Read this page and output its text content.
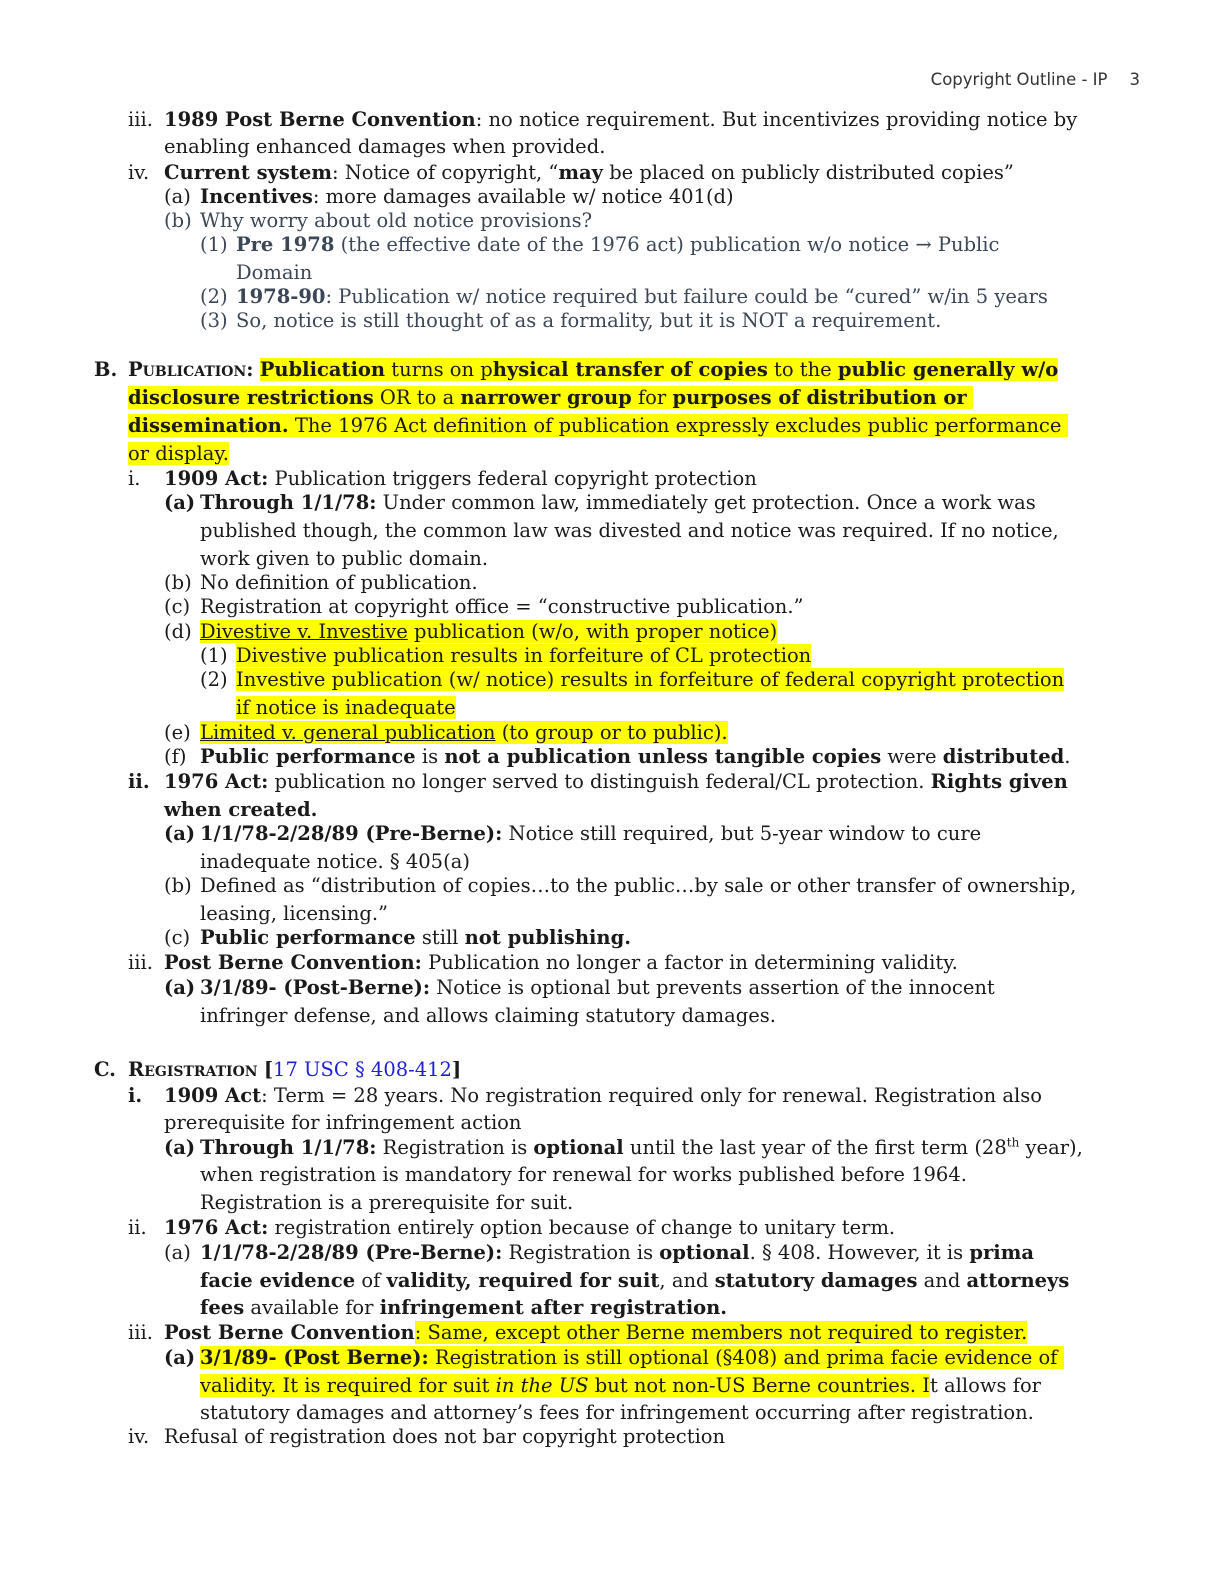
Copyright Outline - IP 3
iii. 1989 Post Berne Convention: no notice requirement. But incentivizes providing notice by
enabling enhanced damages when provided.
iv. Current system: Notice of copyright, “may be placed on publicly distributed copies”
(a) Incentives: more damages available w/ notice 401(d)
(b) Why worry about old notice provisions?
(1) Pre 1978 (the effective date of the 1976 act) publication w/o notice → Public
Domain
(2) 1978-90: Publication w/ notice required but failure could be “cured” w/in 5 years
(3) So, notice is still thought of as a formality, but it is NOT a requirement.
B. Publication: Publication turns on physical transfer of copies to the public generally w/o
disclosure restrictions OR to a narrower group for purposes of distribution or
dissemination. The 1976 Act definition of publication expressly excludes public performance
or display.
i. 1909 Act: Publication triggers federal copyright protection
(a) Through 1/1/78: Under common law, immediately get protection. Once a work was
published though, the common law was divested and notice was required. If no notice,
work given to public domain.
(b) No definition of publication.
(c) Registration at copyright office = “constructive publication.”
(d) Divestive v. Investive publication (w/o, with proper notice)
(1) Divestive publication results in forfeiture of CL protection
(2) Investive publication (w/ notice) results in forfeiture of federal copyright protection
if notice is inadequate
(e) Limited v. general publication (to group or to public).
(f) Public performance is not a publication unless tangible copies were distributed.
ii. 1976 Act: publication no longer served to distinguish federal/CL protection. Rights given
when created.
(a) 1/1/78-2/28/89 (Pre-Berne): Notice still required, but 5-year window to cure
inadequate notice. § 405(a)
(b) Defined as “distribution of copies…to the public…by sale or other transfer of ownership,
leasing, licensing.”
(c) Public performance still not publishing.
iii. Post Berne Convention: Publication no longer a factor in determining validity.
(a) 3/1/89- (Post-Berne): Notice is optional but prevents assertion of the innocent
infringer defense, and allows claiming statutory damages.
C. Registration [17 USC § 408-412]
i. 1909 Act: Term = 28 years. No registration required only for renewal. Registration also
prerequisite for infringement action
(a) Through 1/1/78: Registration is optional until the last year of the first term (28th year),
when registration is mandatory for renewal for works published before 1964.
Registration is a prerequisite for suit.
ii. 1976 Act: registration entirely option because of change to unitary term.
(a) 1/1/78-2/28/89 (Pre-Berne): Registration is optional. § 408. However, it is prima
facie evidence of validity, required for suit, and statutory damages and attorneys
fees available for infringement after registration.
iii. Post Berne Convention: Same, except other Berne members not required to register.
(a) 3/1/89- (Post Berne): Registration is still optional (§408) and prima facie evidence of
validity. It is required for suit in the US but not non-US Berne countries. It allows for
statutory damages and attorney’s fees for infringement occurring after registration.
iv. Refusal of registration does not bar copyright protection
